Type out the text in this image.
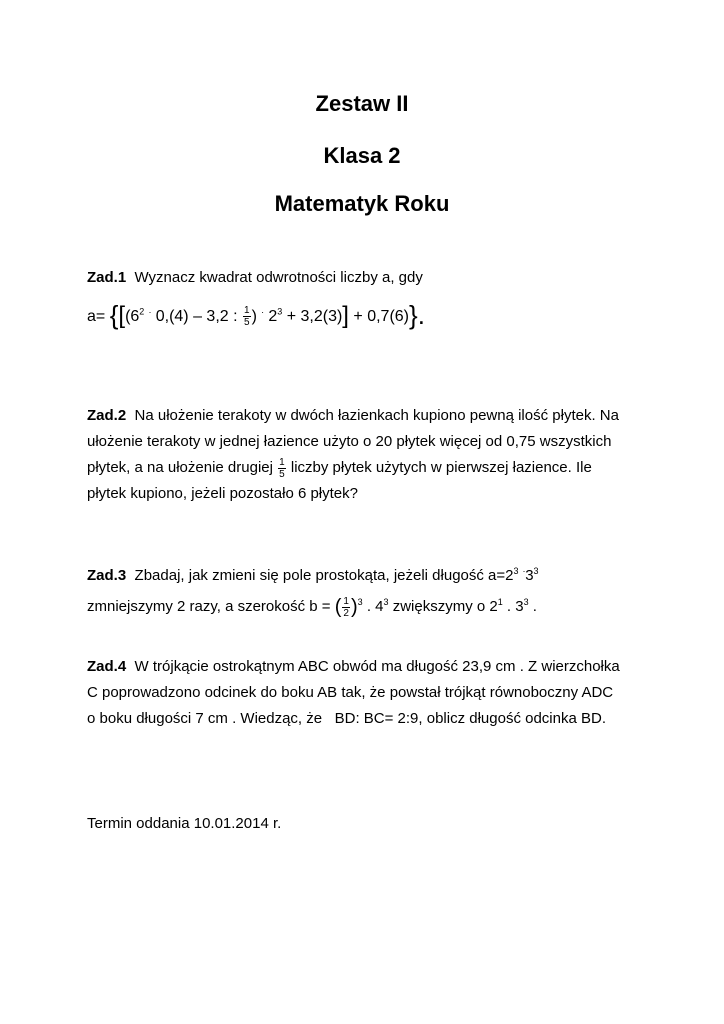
Zestaw II
Klasa 2
Matematyk Roku
Zad.1 Wyznacz kwadrat odwrotności liczby a, gdy
$a= \{[(6^2$ . 0,(4) – 3,2 : $\frac{1}{5}$ ) . $2^3 + 3,2(3)] + 0,7(6)$}.
Zad.2 Na ułożenie terakoty w dwóch łazienkach kupiono pewną ilość płytek. Na
ułożenie terakoty w jednej łazience użyto o 20 płytek więcej od 0,75 wszystkich
płytek, a na ułożenie drugiej $\frac{1}{5}$ liczby płytek użytych w pierwszej łazience. Ile
płytek kupiono, jeżeli pozostało 6 płytek?
Zad.3 Zbadaj, jak zmieni się pole prostokąta, jeżeli długość $a=2^3$ $^.3^3$
zmniejszymy 2 razy, a szerokość b = ( $\frac{1}{2} )^3$ . $4^3$ zwiększymy o $2^1$ . $3^3$ .
Zad.4 W trójkącie ostrokątnym ABC obwód ma długość 23,9 cm . Z wierzchołka
C poprowadzono odcinek do boku AB tak, że powstał trójkąt równoboczny ADC
o boku długości 7 cm . Wiedząc, że   BD: BC= 2:9, oblicz długość odcinka BD.
Termin oddania 10.01.2014 r.
